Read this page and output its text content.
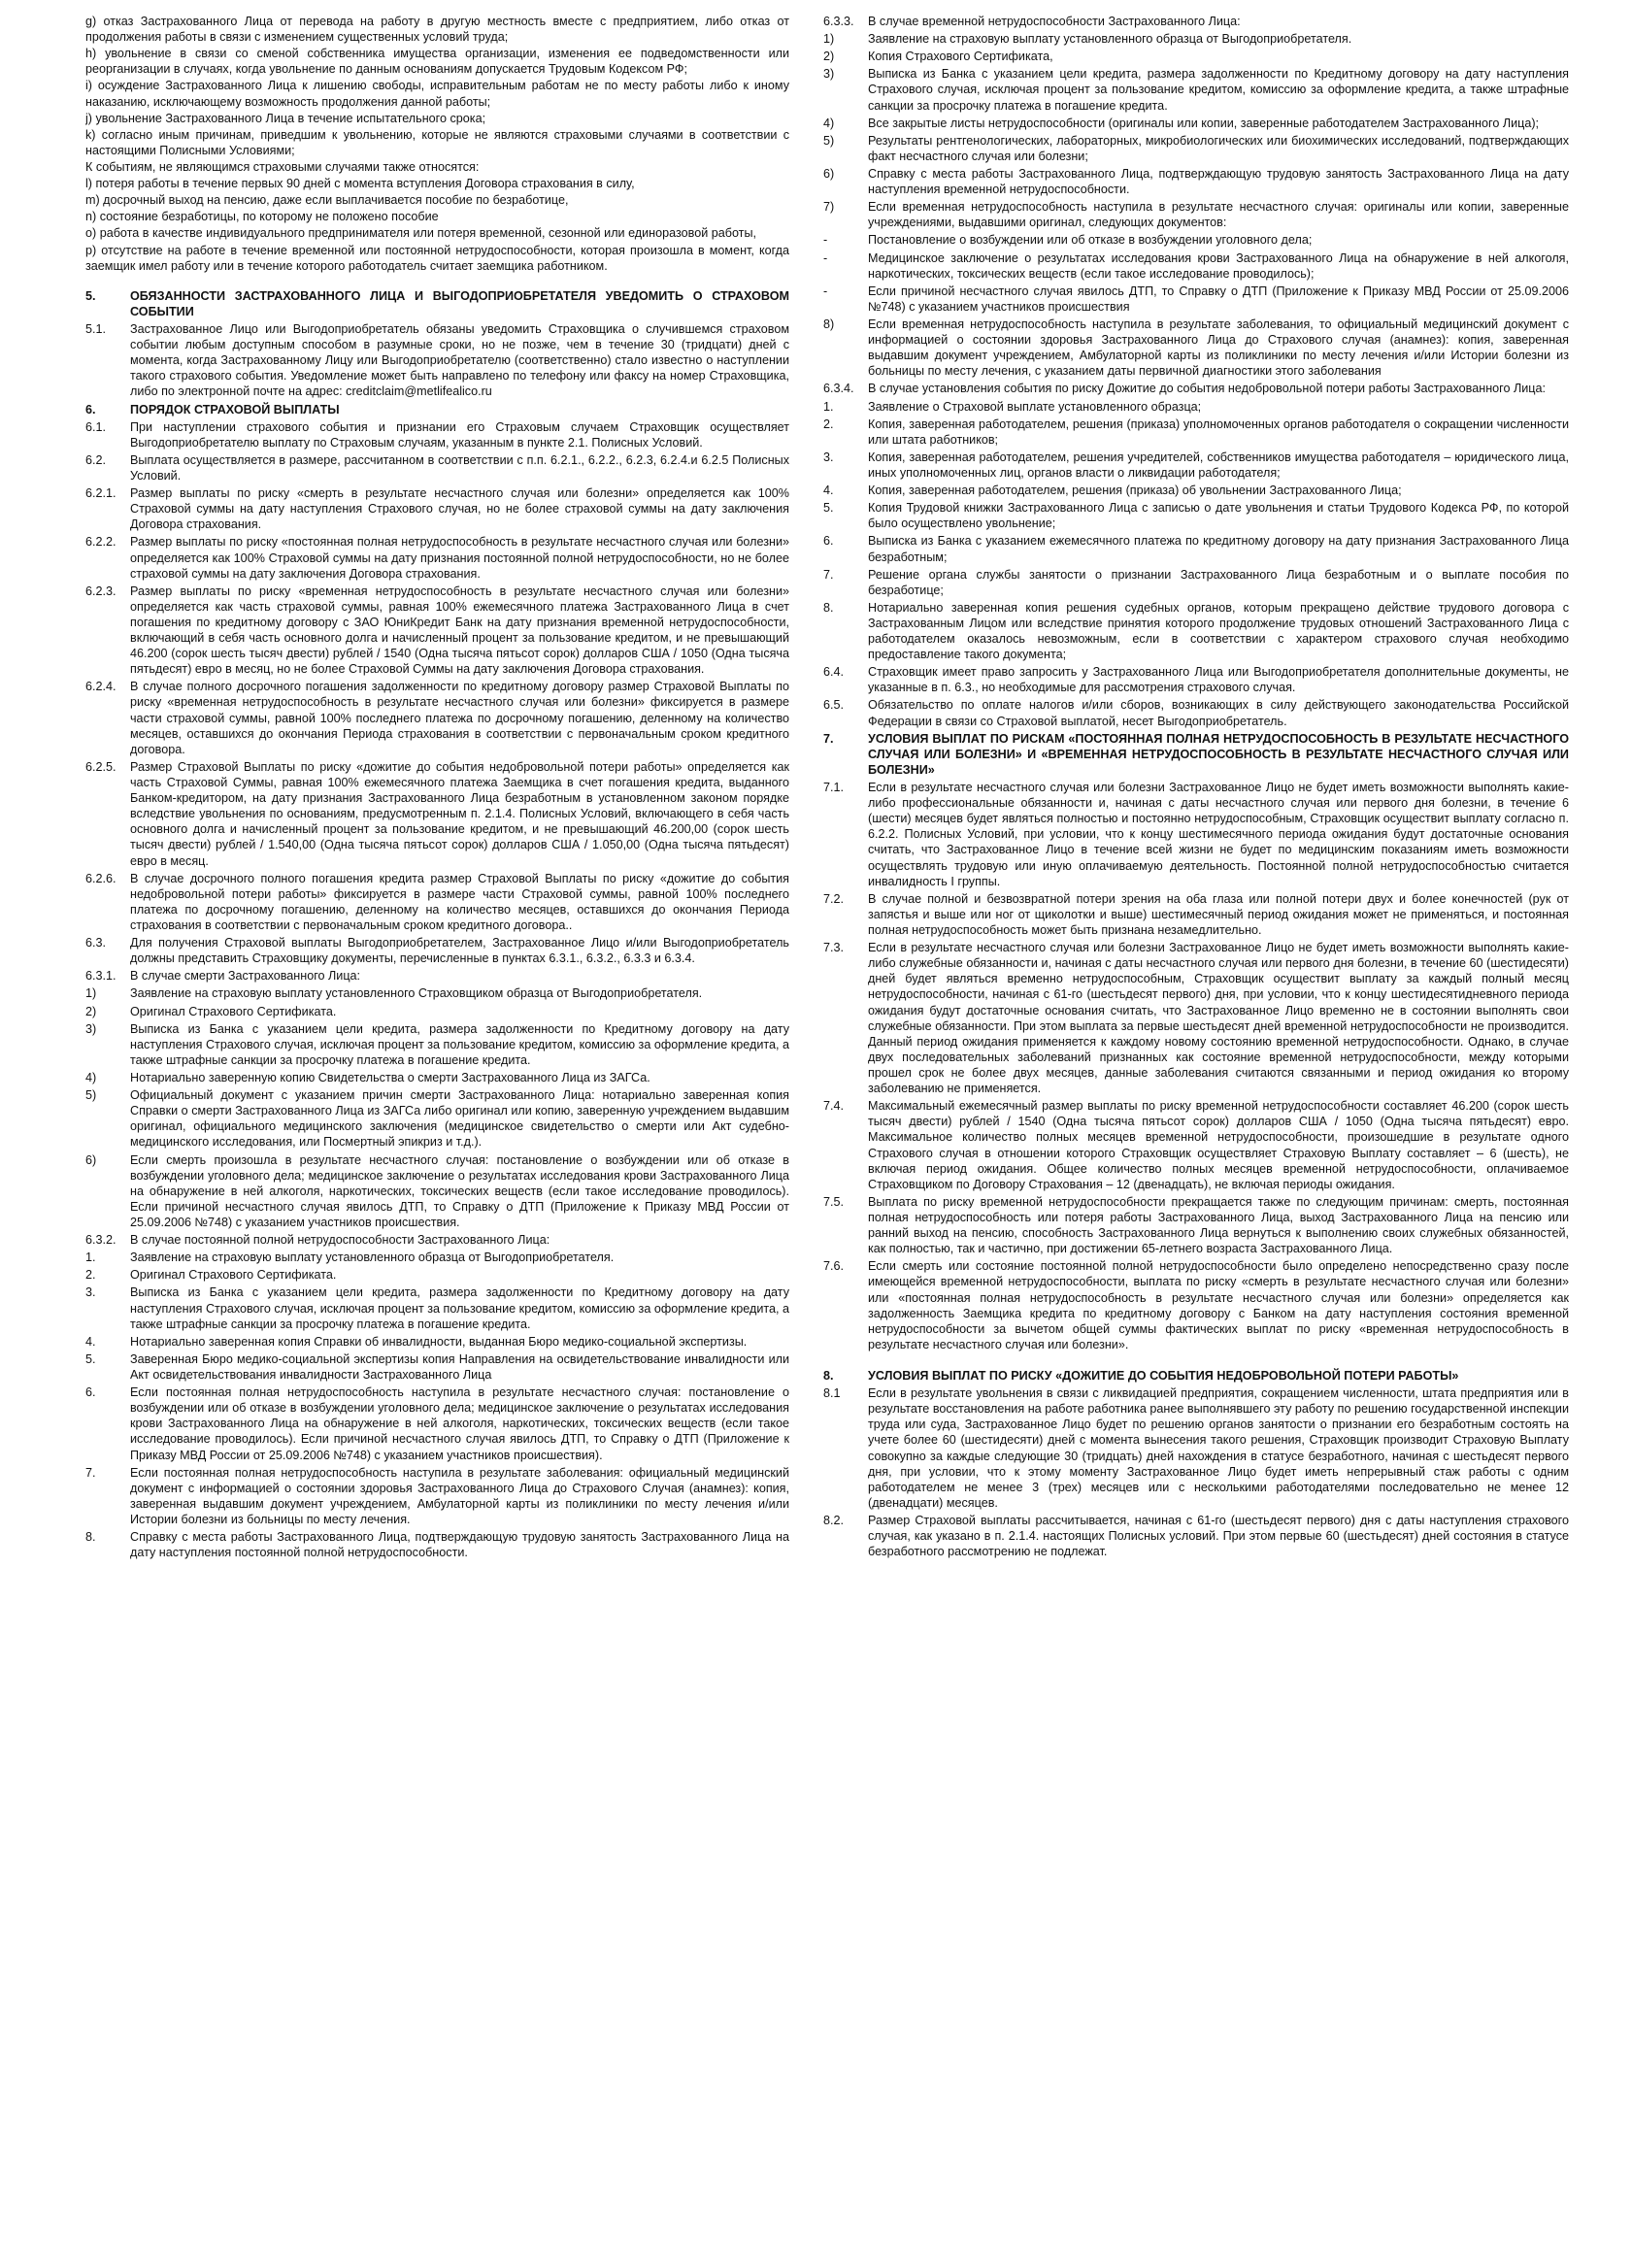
g) отказ Застрахованного Лица от перевода на работу в другую местность вместе с предприятием, либо отказ от продолжения работы в связи с изменением существенных условий труда;
h) увольнение в связи со сменой собственника имущества организации, изменения ее подведомственности или реорганизации в случаях, когда увольнение по данным основаниям допускается Трудовым Кодексом РФ;
i) осуждение Застрахованного Лица к лишению свободы, исправительным работам не по месту работы либо к иному наказанию, исключающему возможность продолжения данной работы;
j) увольнение Застрахованного Лица в течение испытательного срока;
k) согласно иным причинам, приведшим к увольнению, которые не являются страховыми случаями в соответствии с настоящими Полисными Условиями;
К событиям, не являющимся страховыми случаями также относятся:
l) потеря работы в течение первых 90 дней с момента вступления Договора страхования в силу,
m) досрочный выход на пенсию, даже если выплачивается пособие по безработице,
n) состояние безработицы, по которому не положено пособие
o) работа в качестве индивидуального предпринимателя или потеря временной, сезонной или единоразовой работы,
p) отсутствие на работе в течение временной или постоянной нетрудоспособности, которая произошла в момент, когда заемщик имел работу или в течение которого работодатель считает заемщика работником.
5.	ОБЯЗАННОСТИ ЗАСТРАХОВАННОГО ЛИЦА И ВЫГОДОПРИОБРЕТАТЕЛЯ УВЕДОМИТЬ О СТРАХОВОМ СОБЫТИИ
5.1.	Застрахованное Лицо или Выгодоприобретатель обязаны уведомить Страховщика о случившемся страховом событии любым доступным способом в разумные сроки, но не позже, чем в течение 30 (тридцати) дней с момента, когда Застрахованному Лицу или Выгодоприобретателю (соответственно) стало известно о наступлении такого страхового события. Уведомление может быть направлено по телефону или факсу на номер Страховщика, либо по электронной почте на адрес: creditclaim@metlifealico.ru
6.	ПОРЯДОК СТРАХОВОЙ ВЫПЛАТЫ
6.1.	При наступлении страхового события и признании его Страховым случаем Страховщик осуществляет Выгодоприобретателю выплату по Страховым случаям, указанным в пункте 2.1. Полисных Условий.
6.2.	Выплата осуществляется в размере, рассчитанном в соответствии с п.п. 6.2.1., 6.2.2., 6.2.3, 6.2.4.и 6.2.5 Полисных Условий.
6.2.1.	Размер выплаты по риску «смерть в результате несчастного случая или болезни» определяется как 100% Страховой суммы на дату наступления Страхового случая, но не более страховой суммы на дату заключения Договора страхования.
6.2.2.	Размер выплаты по риску «постоянная полная нетрудоспособность в результате несчастного случая или болезни» определяется как 100% Страховой суммы на дату признания постоянной полной нетрудоспособности, но не более страховой суммы на дату заключения Договора страхования.
6.2.3.	Размер выплаты по риску «временная нетрудоспособность в результате несчастного случая или болезни» определяется как часть страховой суммы, равная 100% ежемесячного платежа Застрахованного Лица в счет погашения по кредитному договору с ЗАО ЮниКредит Банк на дату признания временной нетрудоспособности, включающий в себя часть основного долга и начисленный процент за пользование кредитом, и не превышающий 46.200 (сорок шесть тысяч двести) рублей / 1540 (Одна тысяча пятьсот сорок) долларов США / 1050 (Одна тысяча пятьдесят) евро в месяц, но не более Страховой Суммы на дату заключения Договора страхования.
6.2.4.	В случае полного досрочного погашения задолженности по кредитному договору размер Страховой Выплаты по риску «временная нетрудоспособность в результате несчастного случая или болезни» фиксируется в размере части страховой суммы, равной 100% последнего платежа по досрочному погашению, деленному на количество месяцев, оставшихся до окончания Периода страхования в соответствии с первоначальным сроком кредитного договора.
6.2.5.	Размер Страховой Выплаты по риску «дожитие до события недобровольной потери работы» определяется как часть Страховой Суммы, равная 100% ежемесячного платежа Заемщика в счет погашения кредита, выданного Банком-кредитором, на дату признания Застрахованного Лица безработным в установленном законом порядке вследствие увольнения по основаниям, предусмотренным п. 2.1.4. Полисных Условий, включающего в себя часть основного долга и начисленный процент за пользование кредитом, и не превышающий 46.200,00 (сорок шесть тысяч двести) рублей / 1.540,00 (Одна тысяча пятьсот сорок) долларов США / 1.050,00 (Одна тысяча пятьдесят) евро в месяц.
6.2.6.	В случае досрочного полного погашения кредита размер Страховой Выплаты по риску «дожитие до события недобровольной потери работы» фиксируется в размере части Страховой суммы, равной 100% последнего платежа по досрочному погашению, деленному на количество месяцев, оставшихся до окончания Периода страхования в соответствии с первоначальным сроком кредитного договора..
6.3.	Для получения Страховой выплаты Выгодоприобретателем, Застрахованное Лицо и/или Выгодоприобретатель должны представить Страховщику документы, перечисленные в пунктах 6.3.1., 6.3.2., 6.3.3 и 6.3.4.
6.3.1.	В случае смерти Застрахованного Лица:
1)	Заявление на страховую выплату установленного Страховщиком образца от Выгодоприобретателя.
2)	Оригинал Страхового Сертификата.
3)	Выписка из Банка с указанием цели кредита, размера задолженности по Кредитному договору на дату наступления Страхового случая, исключая процент за пользование кредитом, комиссию за оформление кредита, а также штрафные санкции за просрочку платежа в погашение кредита.
4)	Нотариально заверенную копию Свидетельства о смерти Застрахованного Лица из ЗАГСа.
5)	Официальный документ с указанием причин смерти Застрахованного Лица: нотариально заверенная копия Справки о смерти Застрахованного Лица из ЗАГСа либо оригинал или копию, заверенную учреждением выдавшим оригинал, официального медицинского заключения (медицинское свидетельство о смерти или Акт судебно-медицинского исследования, или Посмертный эпикриз и т.д.).
6)	Если смерть произошла в результате несчастного случая: постановление о возбуждении или об отказе в возбуждении уголовного дела; медицинское заключение о результатах исследования крови Застрахованного Лица на обнаружение в ней алкоголя, наркотических, токсических веществ (если такое исследование проводилось). Если причиной несчастного случая явилось ДТП, то Справку о ДТП (Приложение к Приказу МВД России от 25.09.2006 №748) с указанием участников происшествия.
6.3.2.	В случае постоянной полной нетрудоспособности Застрахованного Лица:
1.	Заявление на страховую выплату установленного образца от Выгодоприобретателя.
2.	Оригинал Страхового Сертификата.
3.	Выписка из Банка с указанием цели кредита, размера задолженности по Кредитному договору на дату наступления Страхового случая, исключая процент за пользование кредитом, комиссию за оформление кредита, а также штрафные санкции за просрочку платежа в погашение кредита.
4.	Нотариально заверенная копия Справки об инвалидности, выданная Бюро медико-социальной экспертизы.
5.	Заверенная Бюро медико-социальной экспертизы копия Направления на освидетельствование инвалидности или Акт освидетельствования инвалидности Застрахованного Лица
6.	Если постоянная полная нетрудоспособность наступила в результате несчастного случая: постановление о возбуждении или об отказе в возбуждении уголовного дела; медицинское заключение о результатах исследования крови Застрахованного Лица на обнаружение в ней алкоголя, наркотических, токсических веществ (если такое исследование проводилось). Если причиной несчастного случая явилось ДТП, то Справку о ДТП (Приложение к Приказу МВД России от 25.09.2006 №748) с указанием участников происшествия).
7.	Если постоянная полная нетрудоспособность наступила в результате заболевания: официальный медицинский документ с информацией о состоянии здоровья Застрахованного Лица до Страхового Случая (анамнез): копия, заверенная выдавшим документ учреждением, Амбулаторной карты из поликлиники по месту лечения и/или Истории болезни из больницы по месту лечения.
8.	Справку с места работы Застрахованного Лица, подтверждающую трудовую занятость Застрахованного Лица на дату наступления постоянной полной нетрудоспособности.
6.3.3.	В случае временной нетрудоспособности Застрахованного Лица:
1)	Заявление на страховую выплату установленного образца от Выгодоприобретателя.
2)	Копия Страхового Сертификата,
3)	Выписка из Банка с указанием цели кредита, размера задолженности по Кредитному договору на дату наступления Страхового случая, исключая процент за пользование кредитом, комиссию за оформление кредита, а также штрафные санкции за просрочку платежа в погашение кредита.
4)	Все закрытые листы нетрудоспособности (оригиналы или копии, заверенные работодателем Застрахованного Лица);
5)	Результаты рентгенологических, лабораторных, микробиологических или биохимических исследований, подтверждающих факт несчастного случая или болезни;
6)	Справку с места работы Застрахованного Лица, подтверждающую трудовую занятость Застрахованного Лица на дату наступления временной нетрудоспособности.
7)	Если временная нетрудоспособность наступила в результате несчастного случая: оригиналы или копии, заверенные учреждениями, выдавшими оригинал, следующих документов:
-	Постановление о возбуждении или об отказе в возбуждении уголовного дела;
-	Медицинское заключение о результатах исследования крови Застрахованного Лица на обнаружение в ней алкоголя, наркотических, токсических веществ (если такое исследование проводилось);
-	Если причиной несчастного случая явилось ДТП, то Справку о ДТП (Приложение к Приказу МВД России от 25.09.2006 №748) с указанием участников происшествия
8)	Если временная нетрудоспособность наступила в результате заболевания, то официальный медицинский документ с информацией о состоянии здоровья Застрахованного Лица до Страхового случая (анамнез): копия, заверенная выдавшим документ учреждением, Амбулаторной карты из поликлиники по месту лечения и/или Истории болезни из больницы по месту лечения, с указанием даты первичной диагностики этого заболевания
6.3.4.	В случае установления события по риску Дожитие до события недобровольной потери работы Застрахованного Лица:
1.	Заявление о Страховой выплате установленного образца;
2.	Копия, заверенная работодателем, решения (приказа) уполномоченных органов работодателя о сокращении численности или штата работников;
3.	Копия, заверенная работодателем, решения учредителей, собственников имущества работодателя – юридического лица, иных уполномоченных лиц, органов власти о ликвидации работодателя;
4.	Копия, заверенная работодателем, решения (приказа) об увольнении Застрахованного Лица;
5.	Копия Трудовой книжки Застрахованного Лица с записью о дате увольнения и статьи Трудового Кодекса РФ, по которой было осуществлено увольнение;
6.	Выписка из Банка с указанием ежемесячного платежа по кредитному договору на дату признания Застрахованного Лица безработным;
7.	Решение органа службы занятости о признании Застрахованного Лица безработным и о выплате пособия по безработице;
8.	Нотариально заверенная копия решения судебных органов, которым прекращено действие трудового договора с Застрахованным Лицом или вследствие принятия которого продолжение трудовых отношений Застрахованного Лица с работодателем оказалось невозможным, если в соответствии с характером страхового случая необходимо предоставление такого документа;
6.4.	Страховщик имеет право запросить у Застрахованного Лица или Выгодоприобретателя дополнительные документы, не указанные в п. 6.3., но необходимые для рассмотрения страхового случая.
6.5.	Обязательство по оплате налогов и/или сборов, возникающих в силу действующего законодательства Российской Федерации в связи со Страховой выплатой, несет Выгодоприобретатель.
7.	УСЛОВИЯ ВЫПЛАТ ПО РИСКАМ «ПОСТОЯННАЯ ПОЛНАЯ НЕТРУДОСПОСОБНОСТЬ В РЕЗУЛЬТАТЕ НЕСЧАСТНОГО СЛУЧАЯ ИЛИ БОЛЕЗНИ» И «ВРЕМЕННАЯ НЕТРУДОСПОСОБНОСТЬ В РЕЗУЛЬТАТЕ НЕСЧАСТНОГО СЛУЧАЯ ИЛИ БОЛЕЗНИ»
7.1.	Если в результате несчастного случая или болезни Застрахованное Лицо не будет иметь возможности выполнять какие-либо профессиональные обязанности и, начиная с даты несчастного случая или первого дня болезни, в течение 6 (шести) месяцев будет являться полностью и постоянно нетрудоспособным, Страховщик осуществит выплату согласно п. 6.2.2. Полисных Условий, при условии, что к концу шестимесячного периода ожидания будут достаточные основания считать, что Застрахованное Лицо в течение всей жизни не будет по медицинским показаниям иметь возможности осуществлять трудовую или иную оплачиваемую деятельность. Постоянной полной нетрудоспособностью считается инвалидность I группы.
7.2.	В случае полной и безвозвратной потери зрения на оба глаза или полной потери двух и более конечностей (рук от запястья и выше или ног от щиколотки и выше) шестимесячный период ожидания может не применяться, и постоянная полная нетрудоспособность может быть признана незамедлительно.
7.3.	Если в результате несчастного случая или болезни Застрахованное Лицо не будет иметь возможности выполнять какие-либо служебные обязанности и, начиная с даты несчастного случая или первого дня болезни, в течение 60 (шестидесяти) дней будет являться временно нетрудоспособным, Страховщик осуществит выплату за каждый полный месяц нетрудоспособности, начиная с 61-го (шестьдесят первого) дня, при условии, что к концу шестидесятидневного периода ожидания будут достаточные основания считать, что Застрахованное Лицо временно не в состоянии выполнять свои служебные обязанности. При этом выплата за первые шестьдесят дней временной нетрудоспособности не производится. Данный период ожидания применяется к каждому новому состоянию временной нетрудоспособности. Однако, в случае двух последовательных заболеваний признанных как состояние временной нетрудоспособности, между которыми прошел срок не более двух месяцев, данные заболевания считаются связанными и период ожидания ко второму заболеванию не применяется.
7.4.	Максимальный ежемесячный размер выплаты по риску временной нетрудоспособности составляет 46.200 (сорок шесть тысяч двести) рублей / 1540 (Одна тысяча пятьсот сорок) долларов США / 1050 (Одна тысяча пятьдесят) евро. Максимальное количество полных месяцев временной нетрудоспособности, произошедшие в результате одного Страхового случая в отношении которого Страховщик осуществляет Страховую Выплату составляет – 6 (шесть), не включая период ожидания. Общее количество полных месяцев временной нетрудоспособности, оплачиваемое Страховщиком по Договору Страхования – 12 (двенадцать), не включая периоды ожидания.
7.5.	Выплата по риску временной нетрудоспособности прекращается также по следующим причинам: смерть, постоянная полная нетрудоспособность или потеря работы Застрахованного Лица, выход Застрахованного Лица на пенсию или ранний выход на пенсию, способность Застрахованного Лица вернуться к выполнению своих служебных обязанностей, как полностью, так и частично, при достижении 65-летнего возраста Застрахованного Лица.
7.6.	Если смерть или состояние постоянной полной нетрудоспособности было определено непосредственно сразу после имеющейся временной нетрудоспособности, выплата по риску «смерть в результате несчастного случая или болезни» или «постоянная полная нетрудоспособность в результате несчастного случая или болезни» определяется как задолженность Заемщика кредита по кредитному договору с Банком на дату наступления состояния временной нетрудоспособности за вычетом общей суммы фактических выплат по риску «временная нетрудоспособность в результате несчастного случая или болезни».
8.	УСЛОВИЯ ВЫПЛАТ ПО РИСКУ «ДОЖИТИЕ ДО СОБЫТИЯ НЕДОБРОВОЛЬНОЙ ПОТЕРИ РАБОТЫ»
8.1	Если в результате увольнения в связи с ликвидацией предприятия, сокращением численности, штата предприятия или в результате восстановления на работе работника ранее выполнявшего эту работу по решению государственной инспекции труда или суда, Застрахованное Лицо будет по решению органов занятости о признании его безработным состоять на учете более 60 (шестидесяти) дней с момента вынесения такого решения, Страховщик производит Страховую Выплату совокупно за каждые следующие 30 (тридцать) дней нахождения в статусе безработного, начиная с шестьдесят первого дня, при условии, что к этому моменту Застрахованное Лицо будет иметь непрерывный стаж работы с одним работодателем не менее 3 (трех) месяцев или с несколькими работодателями последовательно не менее 12 (двенадцати) месяцев.
8.2.	Размер Страховой выплаты рассчитывается, начиная с 61-го (шестьдесят первого) дня с даты наступления страхового случая, как указано в п. 2.1.4. настоящих Полисных условий. При этом первые 60 (шестьдесят) дней состояния в статусе безработного рассмотрению не подлежат.
